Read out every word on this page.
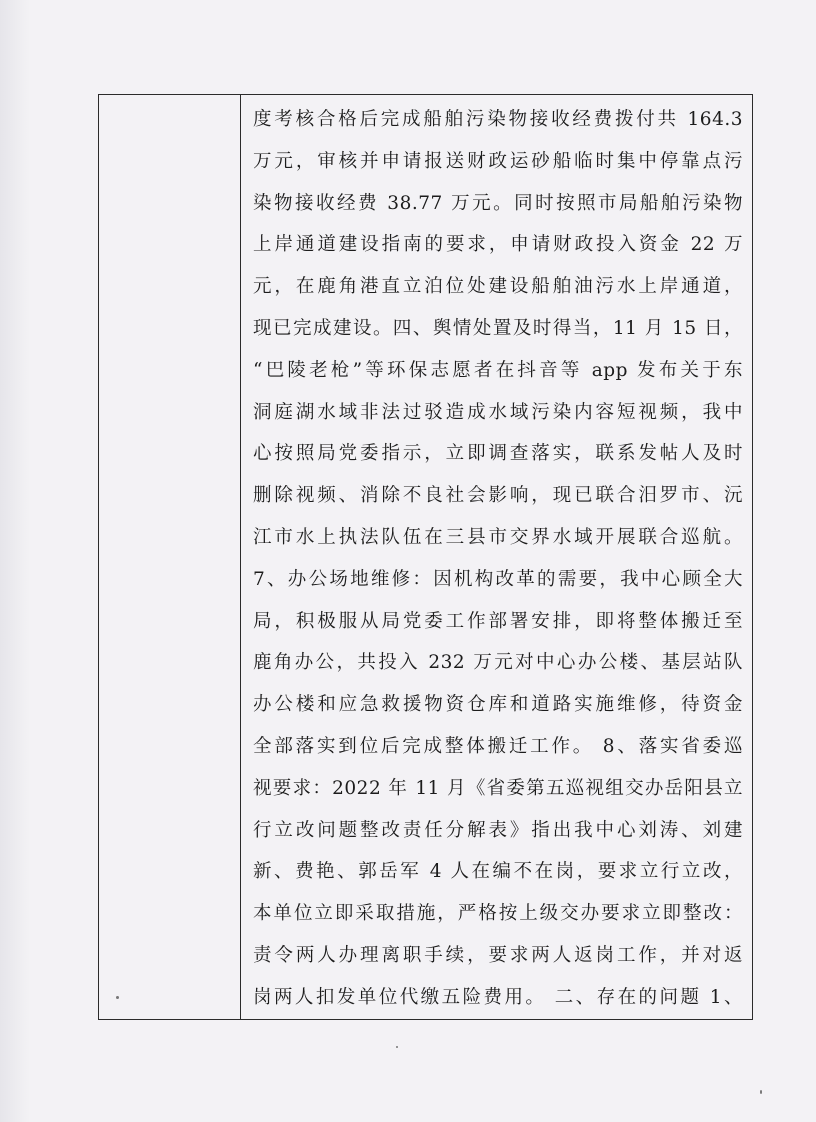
度考核合格后完成船舶污染物接收经费拨付共 164.3
万元，审核并申请报送财政运砂船临时集中停靠点污
染物接收经费 38.77 万元。同时按照市局船舶污染物
上岸通道建设指南的要求，申请财政投入资金 22 万
元，在鹿角港直立泊位处建设船舶油污水上岸通道，
现已完成建设。四、舆情处置及时得当，11 月 15 日，
“巴陵老枪”等环保志愿者在抖音等 app 发布关于东
洞庭湖水域非法过驳造成水域污染内容短视频，我中
心按照局党委指示，立即调查落实，联系发帖人及时
删除视频、消除不良社会影响，现已联合汨罗市、沅
江市水上执法队伍在三县市交界水域开展联合巡航。
7、办公场地维修：因机构改革的需要，我中心顾全大
局，积极服从局党委工作部署安排，即将整体搬迁至
鹿角办公，共投入 232 万元对中心办公楼、基层站队
办公楼和应急救援物资仓库和道路实施维修，待资金
全部落实到位后完成整体搬迁工作。 8、落实省委巡
视要求：2022 年 11 月《省委第五巡视组交办岳阳县立
行立改问题整改责任分解表》指出我中心刘涛、刘建
新、费艳、郭岳军 4 人在编不在岗，要求立行立改，
本单位立即采取措施，严格按上级交办要求立即整改：
责令两人办理离职手续，要求两人返岗工作，并对返
岗两人扣发单位代缴五险费用。 二、存在的问题 1、
